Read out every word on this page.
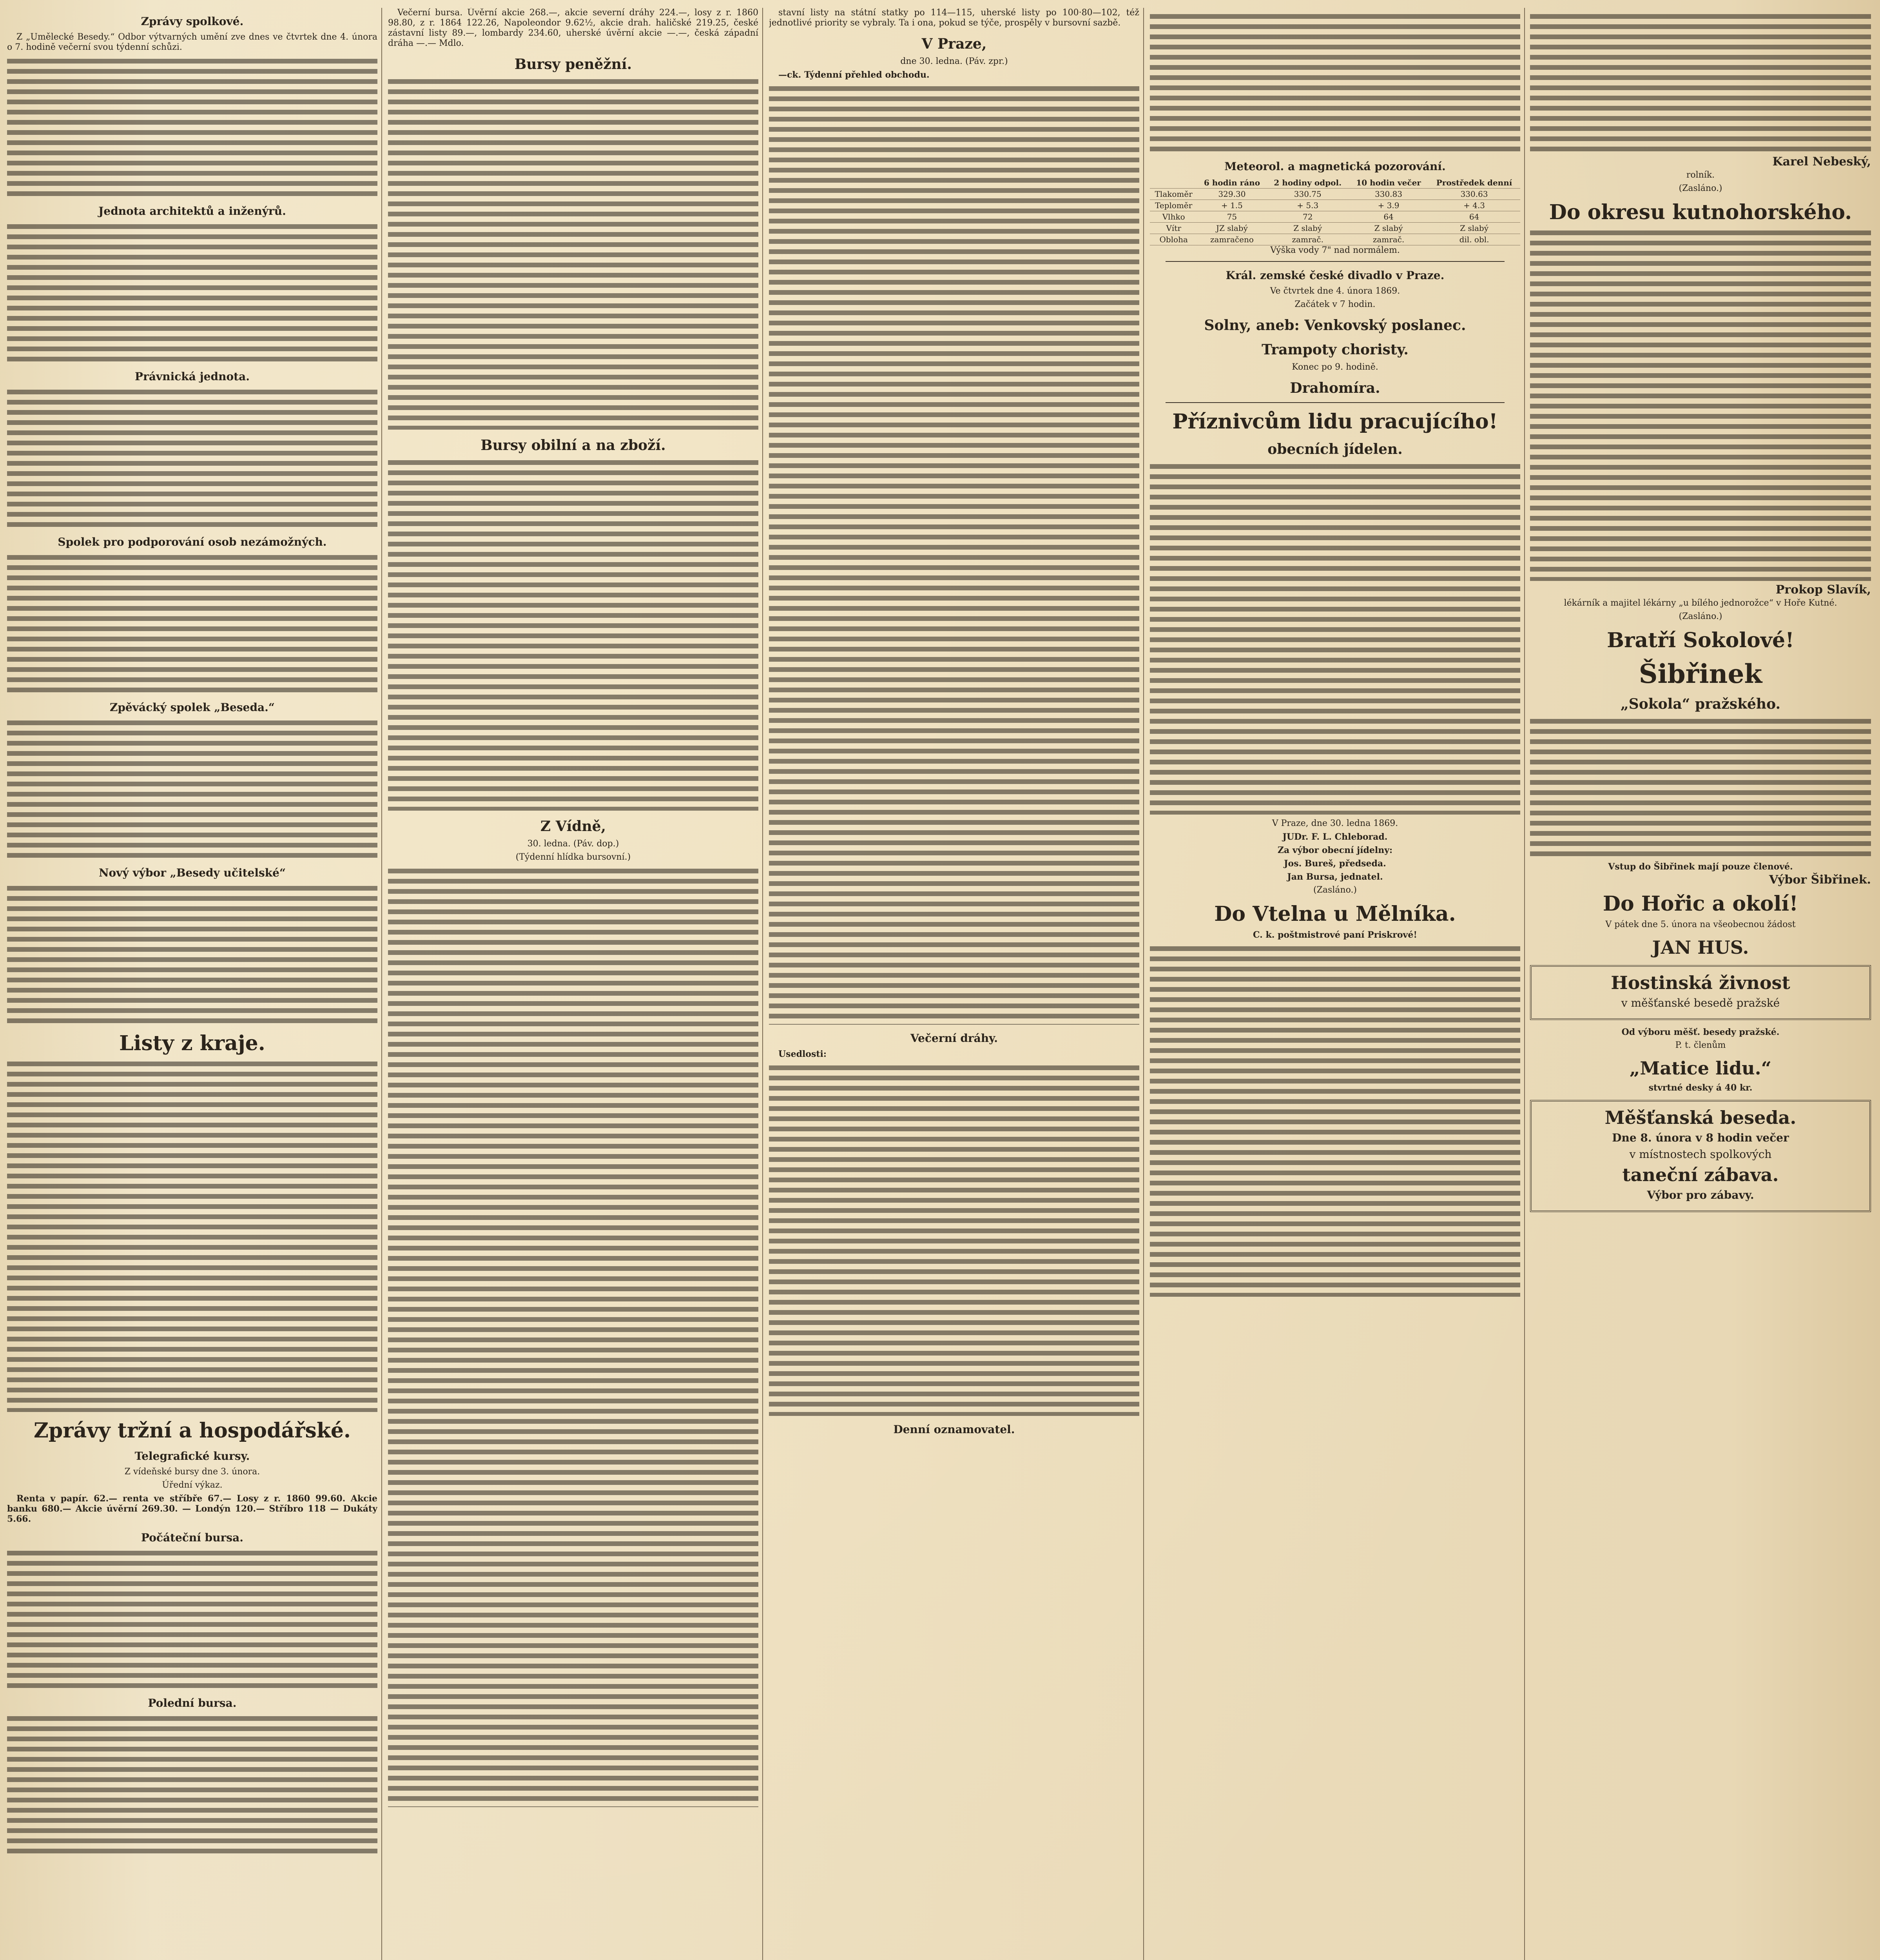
Zprávy spolkové.

Z „Umělecké Besedy.“ Odbor výtvarných umění zve dnes ve čtvrtek dne 4. února o 7. hodině večerní svou týdenní schůzi.

Jednota architektů a inženýrů.
Právnická jednota.
Spolek pro podporování osob nezámožných.
Zpěvácký spolek „Beseda.“
Nový výbor „Besedy učitelské“
Listy z kraje.
Zprávy tržní a hospodářské.
Telegrafické kursy.

Z vídeňské bursy dne 3. února.

Úřední výkaz.

Renta v papír. 62.— renta ve stříbře 67.— Losy z r. 1860 99.60. Akcie banku 680.— Akcie úvěrní 269.30. — Londýn 120.— Stříbro 118 — Dukáty 5.66.

Počáteční bursa.
Polední bursa.

Večerní bursa. Úvěrní akcie 268.—, akcie severní dráhy 224.—, losy z r. 1860 98.80, z r. 1864 122.26, Napoleondor 9.62½, akcie drah. haličské 219.25, české zástavní listy 89.—, lombardy 234.60, uherské úvěrní akcie —.—, česká západní dráha —.— Mdlo.

Bursy peněžní.
Bursy obilní a na zboží.
Z Vídně,

30. ledna. (Páv. dop.)

(Týdenní hlídka bursovní.)

stavní listy na státní statky po 114—115, uherské listy po 100·80—102, též jednotlivé priority se vybraly. Ta i ona, pokud se týče, prospěly v bursovní sazbě.

V Praze,

dne 30. ledna. (Páv. zpr.)

—ck. Týdenní přehled obchodu.

Večerní dráhy.

Usedlosti:

Denní oznamovatel.
Meteorol. a magnetická pozorování.
	6 hodin ráno	2 hodiny odpol.	10 hodin večer	Prostředek denní
Tlakoměr	329.30	330.75	330.83	330.63
Teploměr	+ 1.5	+ 5.3	+ 3.9	+ 4.3
Vlhko	75	72	64	64
Vítr	JZ slabý	Z slabý	Z slabý	Z slabý
Obloha	zamračeno	zamrač.	zamrač.	dil. obl.

Výška vody 7" nad normálem.

Král. zemské české divadlo v Praze.

Ve čtvrtek dne 4. února 1869.

Začátek v 7 hodin.

Solny, aneb: Venkovský poslanec.
Trampoty choristy.

Konec po 9. hodině.

Drahomíra.
Příznivcům lidu pracujícího!
obecních jídelen.

V Praze, dne 30. ledna 1869.

JUDr. F. L. Chleborad.

Za výbor obecní jídelny:

Jos. Bureš, předseda.

Jan Bursa, jednatel.

(Zasláno.)

Do Vtelna u Mělníka.

C. k. poštmistrové paní Priskrové!

Karel Nebeský,

rolník.

(Zasláno.)

Do okresu kutnohorského.

Prokop Slavík,

lékárník a majitel lékárny „u bílého jednorožce“ v Hoře Kutné.

(Zasláno.)

Bratří Sokolové!
Šibřinek
„Sokola“ pražského.

Vstup do Šibřinek mají pouze členové.

Výbor Šibřinek.

Do Hořic a okolí!

V pátek dne 5. února na všeobecnou žádost

JAN HUS.

Hostinská živnost

v měšťanské besedě pražské

Od výboru měšť. besedy pražské.

P. t. členům

„Matice lidu.“

stvrtné desky á 40 kr.

Měšťanská beseda.

Dne 8. února v 8 hodin večer

v místnostech spolkových

taneční zábava.

Výbor pro zábavy.
